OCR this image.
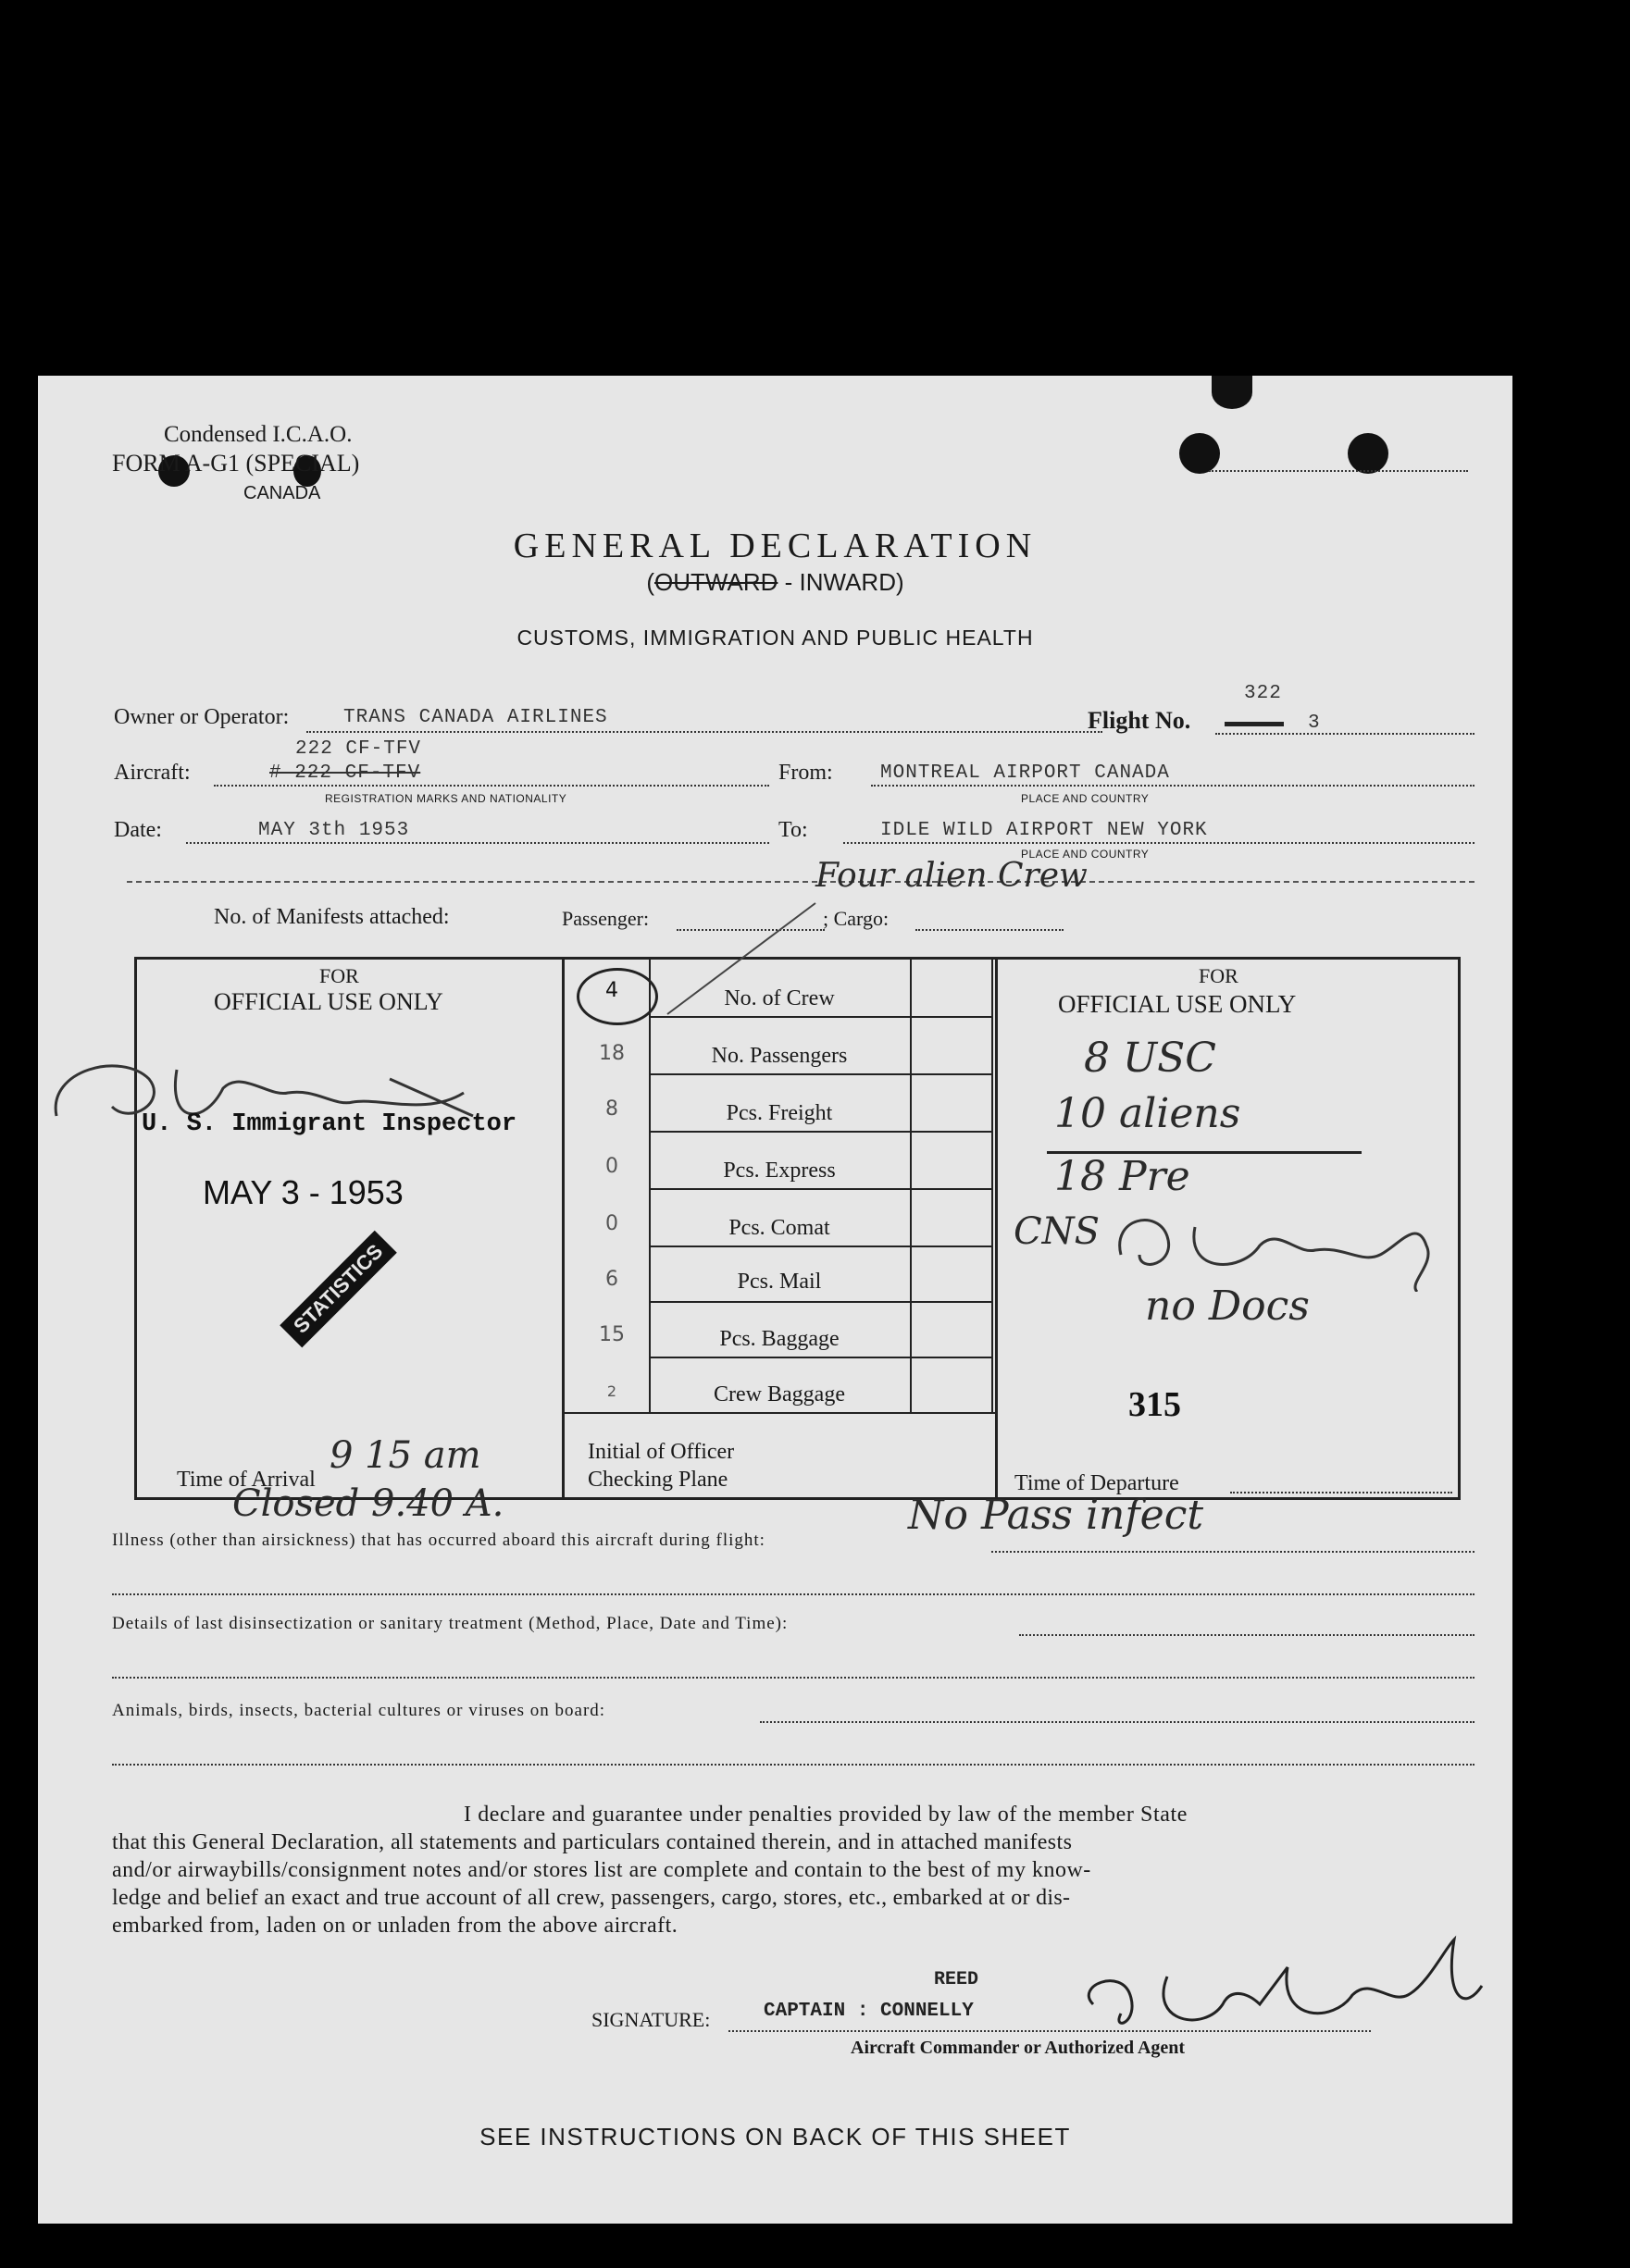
Condensed I.C.A.O.
FORM A-G1 (SPECIAL)
CANADA
GENERAL DECLARATION
(OUTWARD - INWARD)
CUSTOMS, IMMIGRATION AND PUBLIC HEALTH
Owner or Operator:	TRANS CANADA AIRLINES	Flight No.
322
3
Aircraft:
222 CF-TFV
# 222 CF-TFV
REGISTRATION MARKS AND NATIONALITY
From: MONTREAL AIRPORT CANADA
PLACE AND COUNTRY
Date:	MAY 3th 1953	To:	IDLE WILD AIRPORT NEW YORK
PLACE AND COUNTRY
No. of Manifests attached:	Passenger:	; Cargo:
Four alien Crew
FOR
OFFICIAL USE ONLY
U. S. Immigrant Inspector
MAY 3 - 1953
STATISTICS
Time of Arrival
9 15 am
4	No. of Crew
18	No. Passengers
8	Pcs. Freight
0	Pcs. Express
0	Pcs. Comat
6	Pcs. Mail
15	Pcs. Baggage
2	Crew Baggage
Initial of Officer
Checking Plane
FOR
OFFICIAL USE ONLY
8 USC
10 aliens
18 Pre
CNS
no Docs
315
Time of Departure
Closed 9.40 A.
Illness (other than airsickness) that has occurred aboard this aircraft during flight:
No Pass infect
Details of last disinsectization or sanitary treatment (Method, Place, Date and Time):
Animals, birds, insects, bacterial cultures or viruses on board:
I declare and guarantee under penalties provided by law of the member State
that this General Declaration, all statements and particulars contained therein, and in attached manifests
and/or airwaybills/consignment notes and/or stores list are complete and contain to the best of my know-
ledge and belief an exact and true account of all crew, passengers, cargo, stores, etc., embarked at or dis-
embarked from, laden on or unladen from the above aircraft.
SIGNATURE:
REED
CAPTAIN : CONNELLY
Aircraft Commander or Authorized Agent
SEE INSTRUCTIONS ON BACK OF THIS SHEET
